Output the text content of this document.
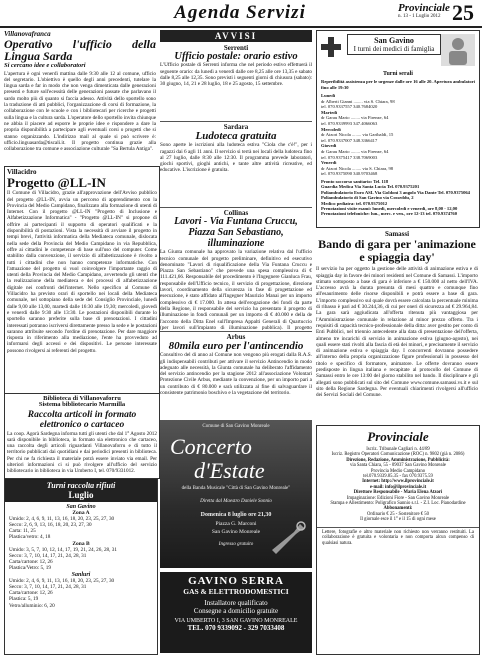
Agenda Servizi	Provinciale
n. 13 - 1 Luglio 2012 25
Villanovafranca
Operativo l'ufficio della Lingua Sarda
Si cercano idee e collaboratori

L'apertura è ogni venerdì mattina dalle 9:30 alle 12 al comune, ufficio del segretario. L'obiettivo è quello degli anni precedenti, tutelare la lingua sarda e far in modo che non venga dimenticata dalle generazioni presenti e future soll'ecessità delle generazioni passate che parlavano il sardo molto più di quanto si faccia adesso. Attività dello sportello sono la traduzione di atti pubblici, l'organizzazione di corsi di formazione, la collaborazione con le scuole e con i bibliotecari per ricerche e progetti sulla lingua e la cultura sarda. L'operatore dello sportello invita chiunque ne abbia il piacere ad esporre le proprie idee e rispondere a dare la propria disponibilità a partecipare agli eventuali corsi o progetti che si stanno organizzando. L'indirizzo mail al quale si può scrivere è: ufficio.linguasarda@tiscali.it. Il progetto continua grazie alla collaborazione tra comune e associazione culturale "Sa Bertula Antiga".

Villacidro
Progetto @LL-IN

Il Comune di Villacidro, grazie all'approvazione dell'Avviso pubblico del progetto @LL-IN, avvia un percorso di apprendimento con la Provincia del Medio Campidano, finalizzato alla formazione di utenti di Internet. Con il progetto @LL-IN "Progetto di Inclusione e Alfabetizzazione Informatica" - "Progetto @LL-IN" si propone di offrire ai partecipanti il supporto di operatori qualificati e la disponibilità di postazioni. Vista la necessità di avviare il progetto in tempi brevi, l'attività informatica della Mediateca comunale, dislocata nella sede della Provincia del Medio Campidano in via Repubblica, offre ai cittadini le competenze di base sull'uso del computer. Come stabilito dalla convenzione, il servizio di alfabetizzazione è rivolto a tutti i cittadini che non hanno competenze informatiche. Con l'attuazione del progetto si vuol coinvolgere l'importante raggio di utenti della Provincia del Medio Campidano, avvertendo gli utenti che la realizzazione della mediateca e dei processi di alfabetizzazione digitale nei confronti dell'internet. Nello specifico al Comune di Villacidro ha previsto orari di sportello nei locali della Mediateca comunale, nel sottopiano della sede del Consiglio Provinciale, lunedì dalle 9,00 alle 13,00, martedì dalle 16:30 alle 19,30; mercoledì, giovedì e venerdì dalle 9:30 alle 13:30. Le postazioni disponibili durante lo sportello saranno preferite sulla base di prenotazioni. I cittadini interessati potranno iscriversi direttamente presso la sede e le postazioni saranno attribuite secondo l'ordine di prenotazione. Per dare maggiore risposta in riferimento alla mediazione, l'ente ha provveduto ad informarsi degli accessi e dei dispositivi. Le persone interessate possono rivolgersi ai referenti del progetto.

Biblioteca di Villanovaforru
Sistema bibliotecario Marmilla
Raccolta articoli in formato elettronico o cartaceo

La coop. Agorà Sardegna informa tutti gli utenti che dal 1° Agosto 2012 sarà disponibile in biblioteca, in formato sia elettronico che cartaceo, una raccolta degli articoli riguardanti Villanovaforru e di tutto il territorio pubblicati dai quotidiani e dai periodici presenti in biblioteca. Per chi ne fa richiesta il materiale potrà essere inviato via email. Per ulteriori informazioni ci si può rivolgere all'ufficio del servizio bibliotecario in biblioteca in via Umberto I, tel. 070/9331012.

Turni raccolta rifiuti
Luglio
San Gavino
Zona A
Umido: 2, 4, 6, 9, 11, 13, 16, 18, 20, 23, 25, 27, 30
Secco: 2, 6, 9, 13, 16, 18, 20, 23, 27, 30
Carta: 11, 25
Plastica/vetro: 4, 18
Zona B
Umido: 3, 5, 7, 10, 12, 14, 17, 19, 21, 24, 26, 28, 31
Secco: 3, 7, 10, 14, 17, 21, 24, 28, 31
Carta/cartone: 12, 26
Plastica/Vetro: 5, 19
Sanluri
Umido: 2, 4, 6, 9, 11, 13, 16, 18, 20, 23, 25, 27, 30
Secco: 3, 7, 10, 14, 17, 21, 24, 28, 31
Carta/cartone: 12, 26
Plastica: 5, 19
Vetro/alluminio: 6, 20
AVVISI
Serrenti
Ufficio postale: orario estivo

L'Ufficio postale di Serrenti informa che nel periodo estivo effettuerà il seguente orario: da lunedì a venerdì dalle ore 8,25 alle ore 13,35 e sabato dalle 8,25 alle 12,35. Sono previsti i seguenti giorni di chiusura (sabato): 30 giugno, 14, 21 e 28 luglio, 18 e 25 agosto, 15 settembre.

Sardara
Ludoteca gratuita

Sono aperte le iscrizioni alla ludoteca estiva "Ciola che c'è!", per i ragazzi dai 6 agli 11 anni. Il servizio si terrà nei locali della ludoteca fino al 27 luglio, dalle 8:30 alle 12:30. Il programma prevede laboratori, giochi sportivi, gioghi antichi, e tante altre attività ricreative, ed educative. L'iscrizione è gratuita.

Collinas
Lavori - Via Funtana Cruccu, Piazza San Sebastiano, illuminazione

La Giunta comunale ha approvato la variazione relativa dal l'ufficio tecnico comunale del progetto preliminare, definitivo ed esecutivo denominato "Lavori di riqualificazione della Via Funtana Cruccu e Piazza San Sebastiano" che prevede una spesa complessiva di € 111.421,66. Responsabile del procedimento è l'Ingegnere Gianluca Frau, responsabile dell'Ufficio tecnico, il servizio di progettazione, direzione lavori, coordinamento della sicurezza in fase di progettazione ed esecuzione, è stato affidato all'Ingegner Maurizio Manai per un importo complessivo di € 17.000. In attesa dell'erogazione dei fondi da parte della Regione, il responsabile del servizio ha presentato il progetto di illuminazione in fondi comunali per un importo di € 40.000 e della de l'acconto della Ditta Enel sull'Impresa Appalti Generali di Quartuccio (per lavori sull'impianto di illuminazione pubblica). Il progetto

Arbus
80mila euro per l'antincendio

Consultivo del di anno al Comune non vengono più erogati dalla R.A.S. gli indispensabili contributi per attivare il servizio Antincendio in modo adeguato alle necessità, la Giunta comunale ha deliberato l'affidamento del servizio antincendio per la stagione 2012 all'associazione Volontari Protezione Civile Arbus, mediante la convenzione, per un importo pari a un contributo di € 80.000 e sarà utilizzata al fine di salvaguardare il consistente patrimonio boschivo e la vegetazione del territorio.

Comune di San Gavino Monreale
Concerto
d'Estate
della Banda Musicale "Città di San Gavino Monreale"
Diretta dal Maestro Daniele Sonnio
Domenica 8 luglio ore 21,30
Piazza G. Marconi
San Gavino Monreale
Ingresso gratuito
GAVINO SERRA
GAS & ELETTRODOMESTICI
Installatore qualificato
Consegne a domicilio gratuite
VIA UMBERTO I, 3 SAN GAVINO MONREALE
TEL. 070 9339092 - 329 7033408
San Gavino
I turni dei medici di famiglia
Turni serali
Reperibilità assistenza per le urgenze dalle ore 16 alle 20. Apertura ambulatori fino alle 19:30
Lunedì
dr Alberti Gianni ........ via S. Chiara, 98
tel. 070.9337557 340.7684020
Martedì
dr Garau Mario ........ via Firenze, 64
tel. 070.9339993 347.4066063
Mercoledì
dr Atzori Nicola ........ via Garibaldi, 15
tel. 070.9337007 348.3366417
Giovedì
dr Garau Mario ........ via Firenze, 64
tel. 070.9375417 338.7069003
Venerdì
dr Atzori Nicola ........ via S. Chiara, 98
tel. 070.9375090 340.9703468
Pronto soccorso sanitario: Tel. 118
Guardia Medica Via Santa Lucia Tel. 070.9375201
Poliambulatorio Euro ASL Via Goldoni 3 angolo Via Dante Tel. 070.9375064
Poliambulatorio di San Gavino via Cosseddu, 2
Medico pediatra: tel. 070.9375012
Prenotazioni visite esami: lunedì, mercoledì e venerdì, ore 8,00 - 12,00
Prenotazioni telefoniche: lun., merc. e ven., ore 12-13 tel. 070.9374760
Samassi
Bando di gara per 'animazione e spiaggia day'

Il servizio ha per oggetto la gestione delle attività di animazione estiva e di spiaggia day in favore dei minori residenti nel Comune di Samassi. L'importo stimato sottoposto a base di gara è inferiore a € 150.000 al netto dell'IVA. L'accesso avrà la durata presunta di mesi quattro e comunque fino all'esaurimento delle risorse disponibili e potrà essere a base di gara. L'importo complessivo sul quale dovrà essere calcolata la percentuale minima di ribasso è pari ad € 30.244,36, di cui per oneri di sicurezza ad € 29.964,84. La gara sarà aggiudicata all'offerta ritenuta più vantaggiosa per l'Amministrazione comunale in relazione al minor prezzo offerto. Tra i requisiti di capacità tecnico-professionale della ditta: aver gestito per conto di Enti Pubblici, nel triennio antecedente alla data di presentazione dell'offerta, almeno tre incarichi di servizio in animazione estiva (giugno-agosto), nei quali essere stati rivolti alla fascia di età dei minori, e precisamente il servizio di animazione estiva e spiaggia day. I concorrenti dovranno possedere all'interno della propria organizzazione figure professionali in possesso del titolo e specifico di formatore, animatore. Le offerte dovranno essere predisposte in lingua italiana e recapitate al protocollo del Comune di Samassi entro le ore 13:00 del giorno stabilito nel bando. Il disciplinare e gli allegati sono pubblicati sul sito del Comune www.comune.samassi.vs.it e sul sito della Regione Sardegna. Per eventuali chiarimenti rivolgersi all'ufficio dei Servizi Sociali del Comune.

Provinciale
Iscriz. Tribunale Cagliari n. 44/89
Iscriz. Registro Operatori Comunicazione (ROC) n. 9802 (già n. 2086)
Direzione, Redazione, Amministrazione, Pubblicità:
via Santa Chiara, 55 - 09037 San Gavino Monreale
Provincia Medio Campidano
tel.070.9339.85.35 - fax 070.9375.59
Internet: http://www.ilprovinciale.it
e-mail: info@ilprovinciale.it
Direttore Responsabile - Maria Elena Atzori
Impaginazione: Edizioni Fiore - San Gavino Monreale
Stampa e Allestimento: Poligrafico Sannio s.r.l. - Z.I. Loc. Pianodardine
Abbonamenti:
Ordinario € 25 - Sostenitore € 50
Il giornale esce il 1° e il 15 di ogni mese
Lettere, fotografie e altro materiale non richiesto non verranno restituiti. La collaborazione è gratuita e volontaria e non comporta alcun compenso di qualsiasi natura.
